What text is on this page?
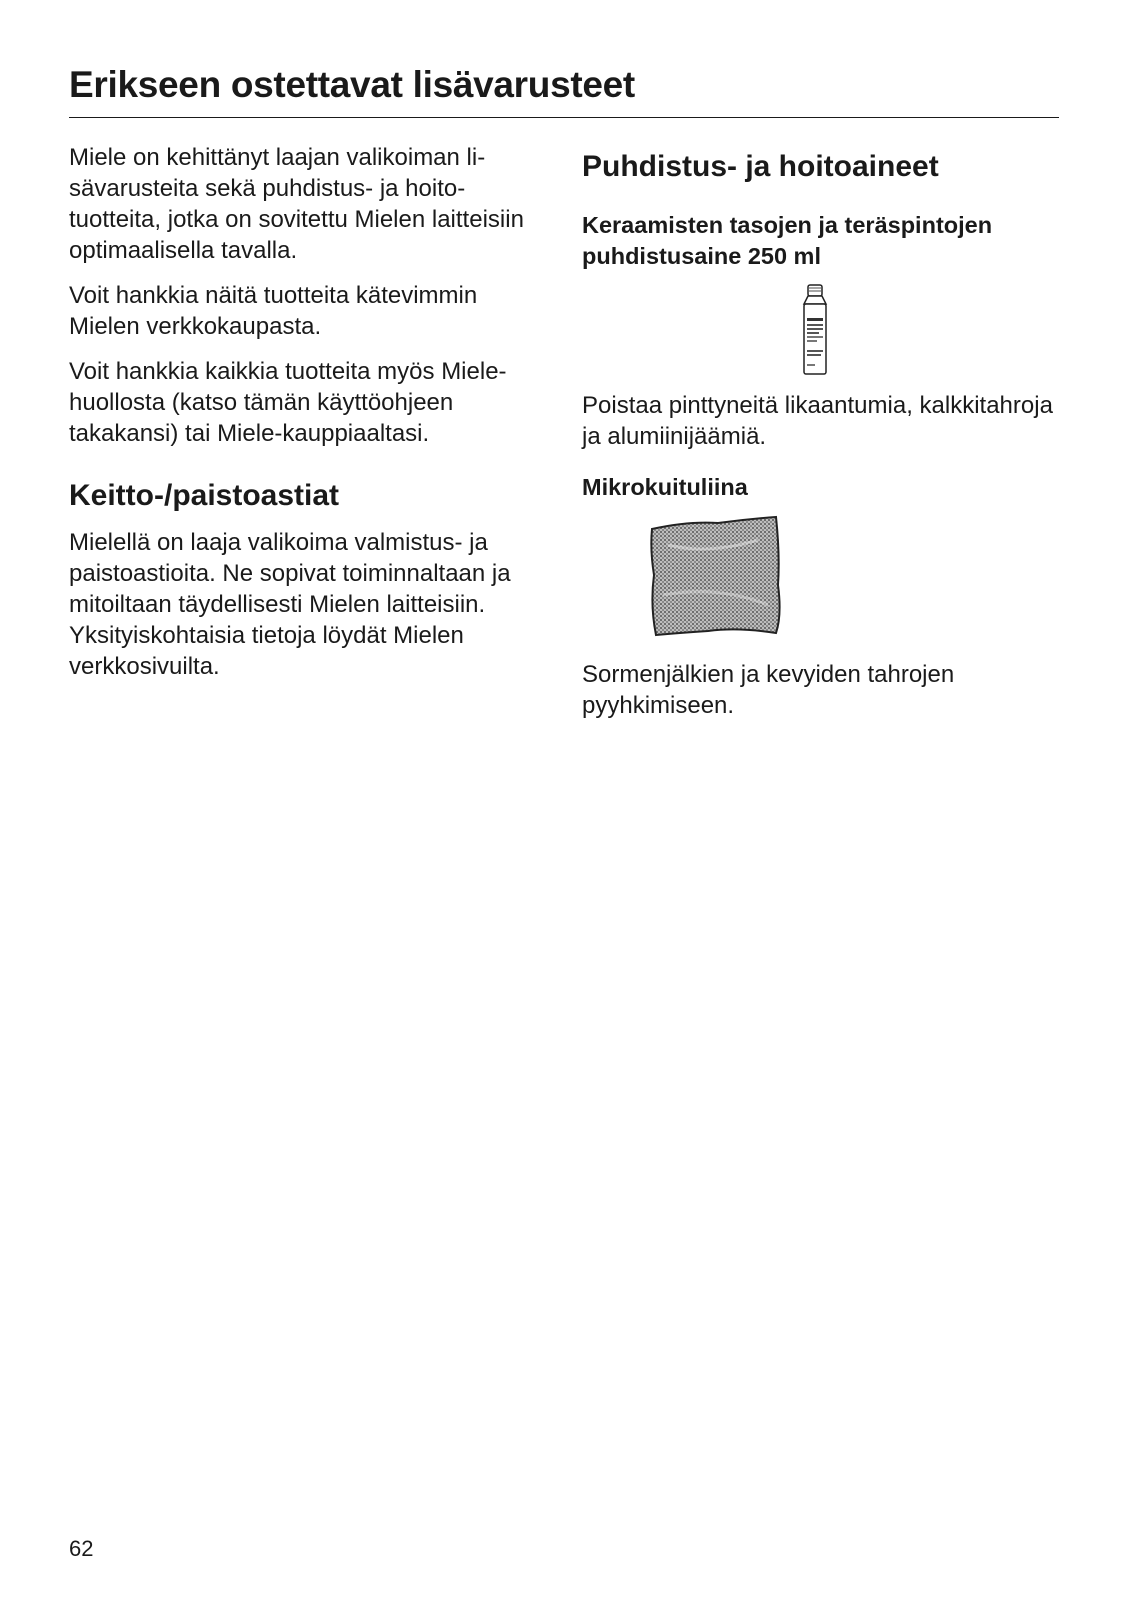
Erikseen ostettavat lisävarusteet

Miele on kehittänyt laajan valikoiman lisävarusteita sekä puhdistus- ja hoitotuotteita, jotka on sovitettu Mielen laitteisiin optimaalisella tavalla.

Voit hankkia näitä tuotteita kätevimmin Mielen verkkokaupasta.

Voit hankkia kaikkia tuotteita myös Miele-huollosta (katso tämän käyttöohjeen takakansi) tai Miele-kauppiaaltasi.

Keitto-/paistoastiat

Mielellä on laaja valikoima valmistus- ja paistoastioita. Ne sopivat toiminnaltaan ja mitoiltaan täydellisesti Mielen laitteisiin. Yksityiskohtaisia tietoja löydät Mielen verkkosivuilta.

Puhdistus- ja hoitoaineet
Keraamisten tasojen ja teräspintojen puhdistusaine 250 ml

Poistaa pinttyneitä likaantumia, kalkkitahroja ja alumiinijäämiä.

Mikrokuituliina

Sormenjälkien ja kevyiden tahrojen pyyhkimiseen.

62
